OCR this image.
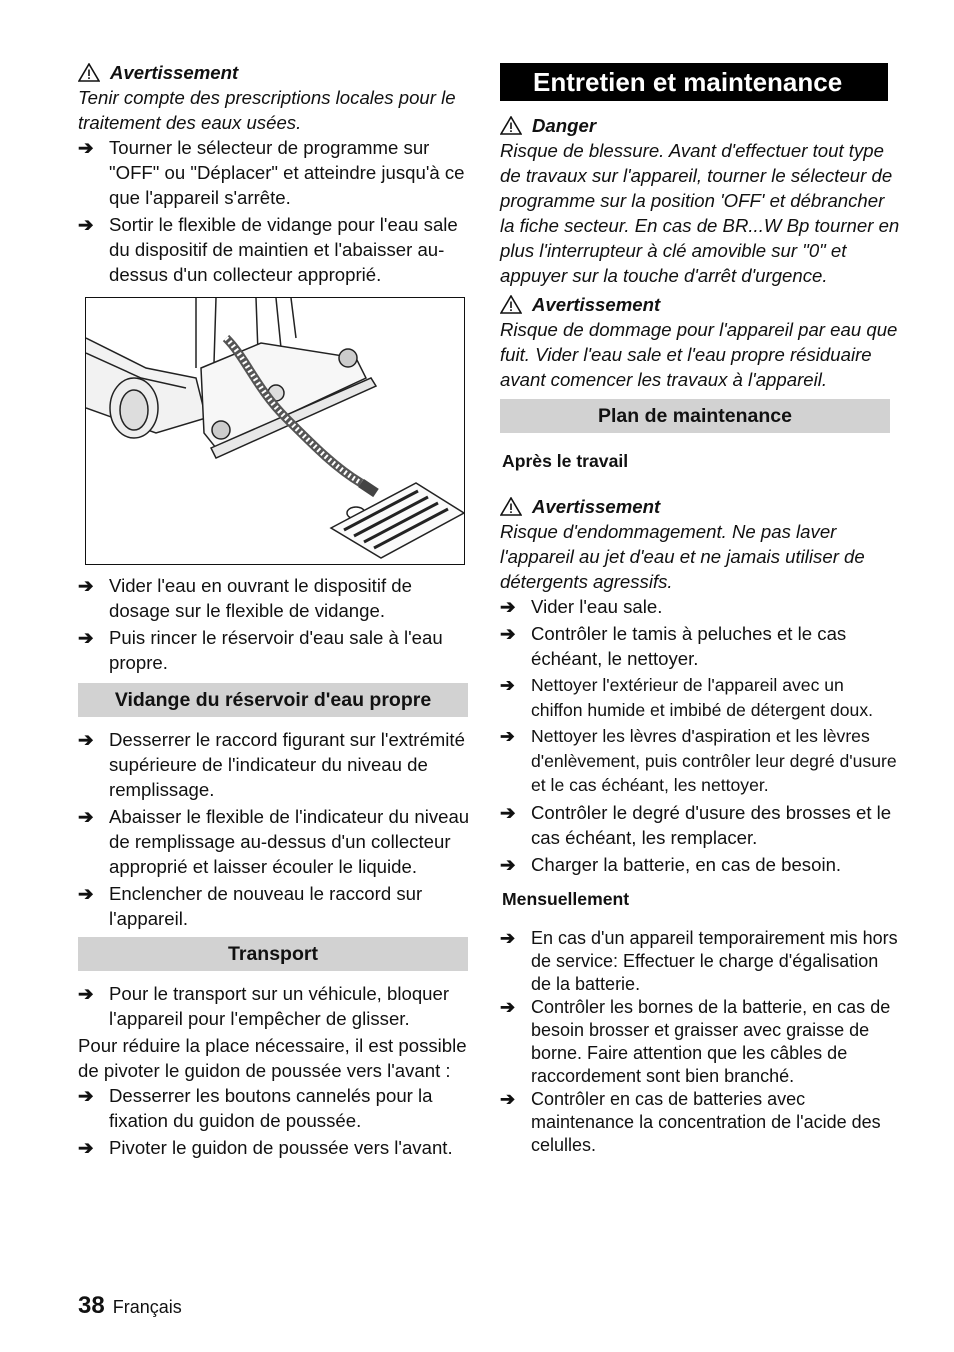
Avertissement
Tenir compte des prescriptions locales pour le traitement des eaux usées.
➔ Tourner le sélecteur de programme sur "OFF" ou "Déplacer" et atteindre jusqu'à ce que l'appareil s'arrête.
➔ Sortir le flexible de vidange pour l'eau sale du dispositif de maintien et l'abaisser au-dessus d'un collecteur approprié.
➔ Vider l'eau en ouvrant le dispositif de dosage sur le flexible de vidange.
➔ Puis rincer le réservoir d'eau sale à l'eau propre.
Vidange du réservoir d'eau propre
➔ Desserrer le raccord figurant sur l'extrémité supérieure de l'indicateur du niveau de remplissage.
➔ Abaisser le flexible de l'indicateur du niveau de remplissage au-dessus d'un collecteur approprié et laisser écouler le liquide.
➔ Enclencher de nouveau le raccord sur l'appareil.
Transport
➔ Pour le transport sur un véhicule, bloquer l'appareil pour l'empêcher de glisser.
Pour réduire la place nécessaire, il est possible de pivoter le guidon de poussée vers l'avant :
➔ Desserrer les boutons cannelés pour la fixation du guidon de poussée.
➔ Pivoter le guidon de poussée vers l'avant.
Entretien et maintenance
Danger
Risque de blessure. Avant d'effectuer tout type de travaux sur l'appareil, tourner le sélecteur de programme sur la position 'OFF' et débrancher la fiche secteur. En cas de BR...W Bp tourner en plus l'interrupteur à clé amovible sur "0" et appuyer sur la touche d'arrêt d'urgence.
Avertissement
Risque de dommage pour l'appareil par eau que fuit. Vider l'eau sale et l'eau propre résiduaire avant comencer les travaux à l'appareil.
Plan de maintenance
Après le travail
Avertissement
Risque d'endommagement. Ne pas laver l'appareil au jet d'eau et ne jamais utiliser de détergents agressifs.
➔ Vider l'eau sale.
➔ Contrôler le tamis à peluches et le cas échéant, le nettoyer.
➔ Nettoyer l'extérieur de l'appareil avec un chiffon humide et imbibé de détergent doux.
➔ Nettoyer les lèvres d'aspiration et les lèvres d'enlèvement, puis contrôler leur degré d'usure et le cas échéant, les nettoyer.
➔ Contrôler le degré d'usure des brosses et le cas échéant, les remplacer.
➔ Charger la batterie, en cas de besoin.
Mensuellement
➔ En cas d'un appareil temporairement mis hors de service: Effectuer le charge d'égalisation de la batterie.
➔ Contrôler les bornes de la batterie, en cas de besoin brosser et graisser avec graisse de borne. Faire attention que les câbles de raccordement sont bien branché.
➔ Contrôler en cas de batteries avec maintenance la concentration de l'acide des celulles.
38 Français
